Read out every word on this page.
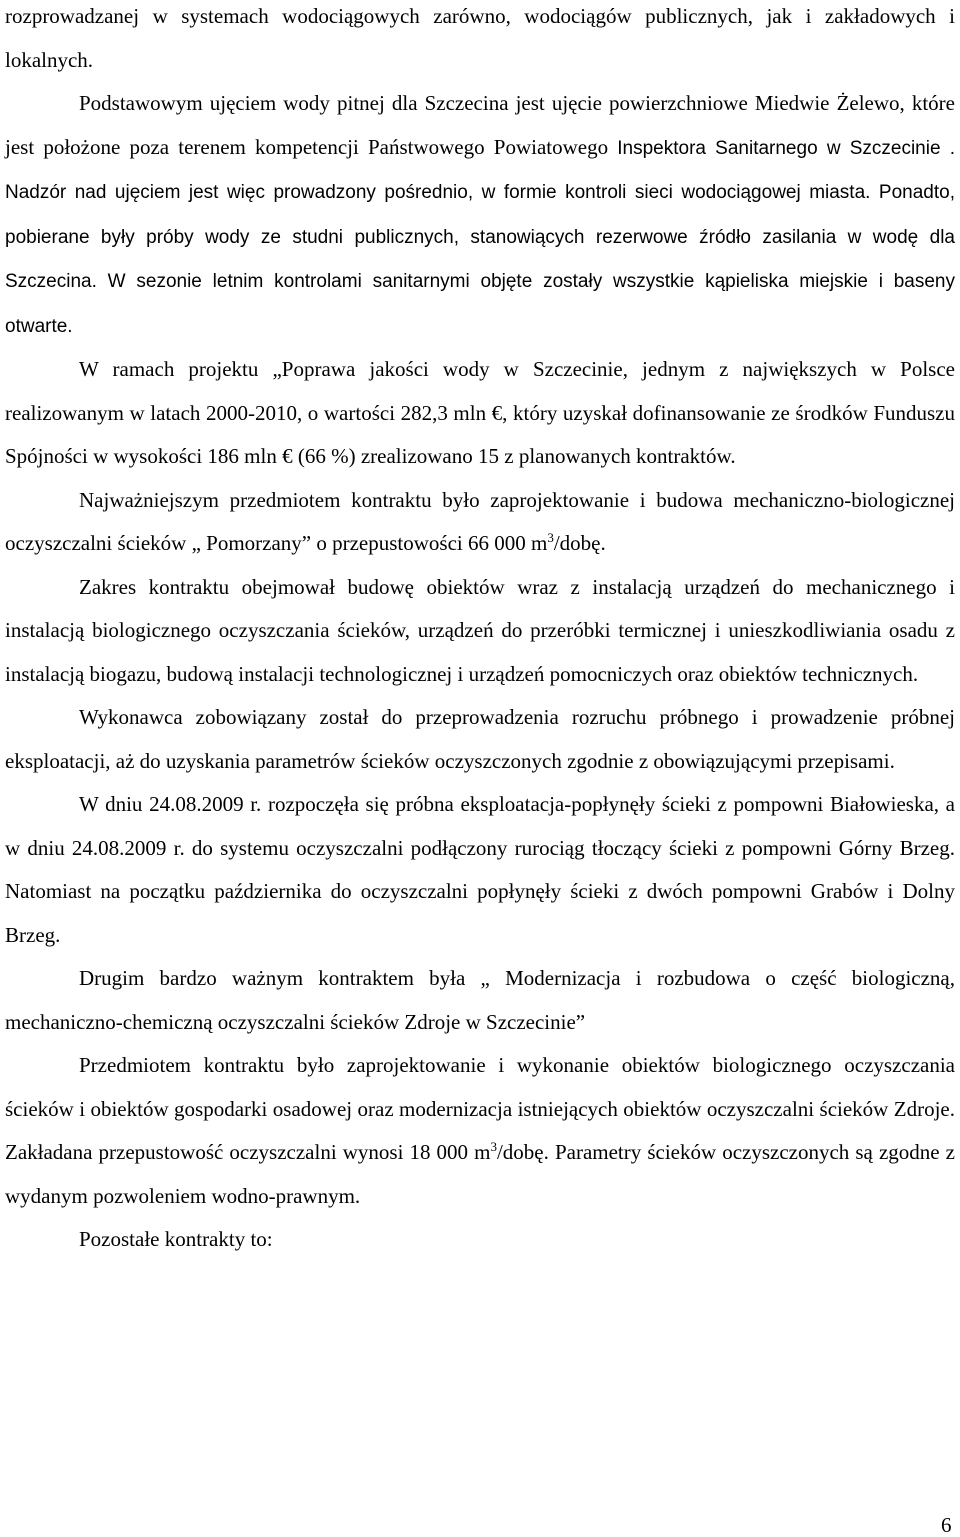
rozprowadzanej w systemach wodociągowych zarówno, wodociągów publicznych, jak i zakładowych i lokalnych.

Podstawowym ujęciem wody pitnej dla Szczecina jest ujęcie powierzchniowe Miedwie Żelewo, które jest położone poza terenem kompetencji Państwowego Powiatowego Inspektora Sanitarnego w Szczecinie . Nadzór nad ujęciem jest więc prowadzony pośrednio, w formie kontroli sieci wodociągowej miasta. Ponadto, pobierane były próby wody ze studni publicznych, stanowiących rezerwowe źródło zasilania w wodę dla Szczecina. W sezonie letnim kontrolami sanitarnymi objęte zostały wszystkie kąpieliska miejskie i baseny otwarte.

W ramach projektu „Poprawa jakości wody w Szczecinie, jednym z największych w Polsce realizowanym w latach 2000-2010, o wartości 282,3 mln €, który uzyskał dofinansowanie ze środków Funduszu Spójności w wysokości 186 mln € (66 %) zrealizowano 15 z planowanych kontraktów.

Najważniejszym przedmiotem kontraktu było zaprojektowanie i budowa mechaniczno-biologicznej oczyszczalni ścieków „ Pomorzany” o przepustowości 66 000 $m^3$/dobę.

Zakres kontraktu obejmował budowę obiektów wraz z instalacją urządzeń do mechanicznego i instalacją biologicznego oczyszczania ścieków, urządzeń do przeróbki termicznej i unieszkodliwiania osadu z instalacją biogazu, budową instalacji technologicznej i urządzeń pomocniczych oraz obiektów technicznych.

Wykonawca zobowiązany został do przeprowadzenia rozruchu próbnego i prowadzenie próbnej eksploatacji, aż do uzyskania parametrów ścieków oczyszczonych zgodnie z obowiązującymi przepisami.

W dniu 24.08.2009 r. rozpoczęła się próbna eksploatacja-popłynęły ścieki z pompowni Białowieska, a w dniu 24.08.2009 r. do systemu oczyszczalni podłączony rurociąg tłoczący ścieki z pompowni Górny Brzeg. Natomiast na początku października do oczyszczalni popłynęły ścieki z dwóch pompowni Grabów i Dolny Brzeg.

Drugim bardzo ważnym kontraktem była „ Modernizacja i rozbudowa o część biologiczną, mechaniczno-chemiczną oczyszczalni ścieków Zdroje w Szczecinie”

Przedmiotem kontraktu było zaprojektowanie i wykonanie obiektów biologicznego oczyszczania ścieków i obiektów gospodarki osadowej oraz modernizacja istniejących obiektów oczyszczalni ścieków Zdroje. Zakładana przepustowość oczyszczalni wynosi 18 000 $m^3$/dobę. Parametry ścieków oczyszczonych są zgodne z wydanym pozwoleniem wodno-prawnym.

Pozostałe kontrakty to:

6
